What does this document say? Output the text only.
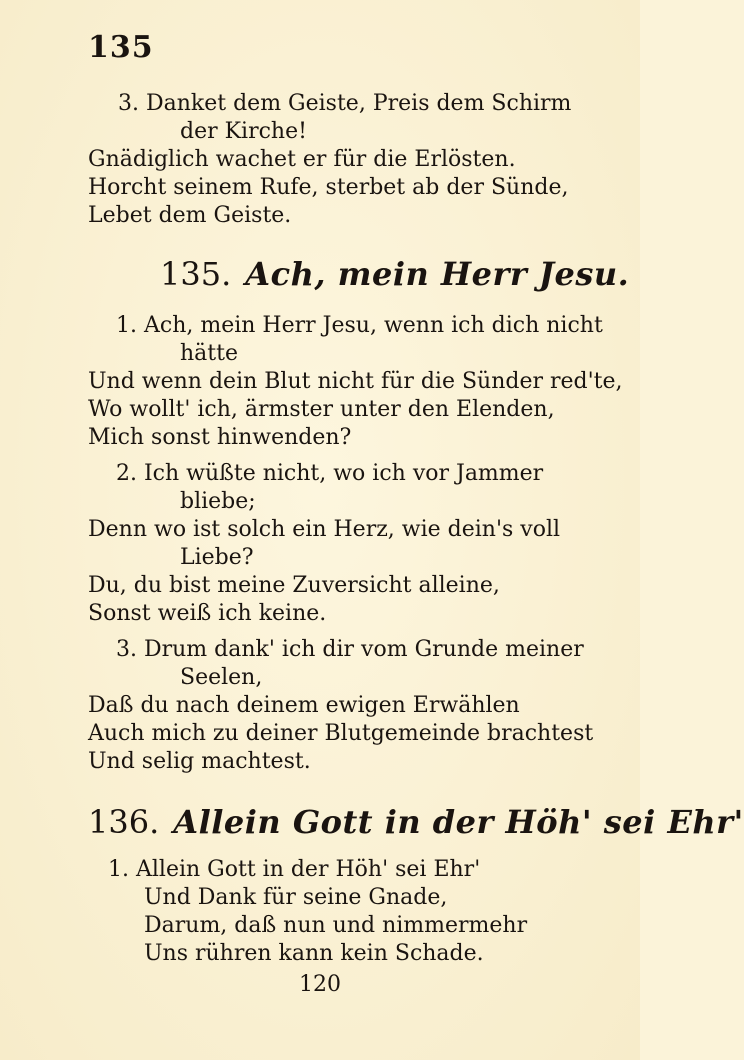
135
3. Danket dem Geiste, Preis dem Schirm
der Kirche!
Gnädiglich wachet er für die Erlösten.
Horcht seinem Rufe, sterbet ab der Sünde,
Lebet dem Geiste.
135. Ach, mein Herr Jesu.
1. Ach, mein Herr Jesu, wenn ich dich nicht
hätte
Und wenn dein Blut nicht für die Sünder red'te,
Wo wollt' ich, ärmster unter den Elenden,
Mich sonst hinwenden?
2. Ich wüßte nicht, wo ich vor Jammer
bliebe;
Denn wo ist solch ein Herz, wie dein's voll
Liebe?
Du, du bist meine Zuversicht alleine,
Sonst weiß ich keine.
3. Drum dank' ich dir vom Grunde meiner
Seelen,
Daß du nach deinem ewigen Erwählen
Auch mich zu deiner Blutgemeinde brachtest
Und selig machtest.
136. Allein Gott in der Höh' sei Ehr'
1. Allein Gott in der Höh' sei Ehr'
Und Dank für seine Gnade,
Darum, daß nun und nimmermehr
Uns rühren kann kein Schade.
120
